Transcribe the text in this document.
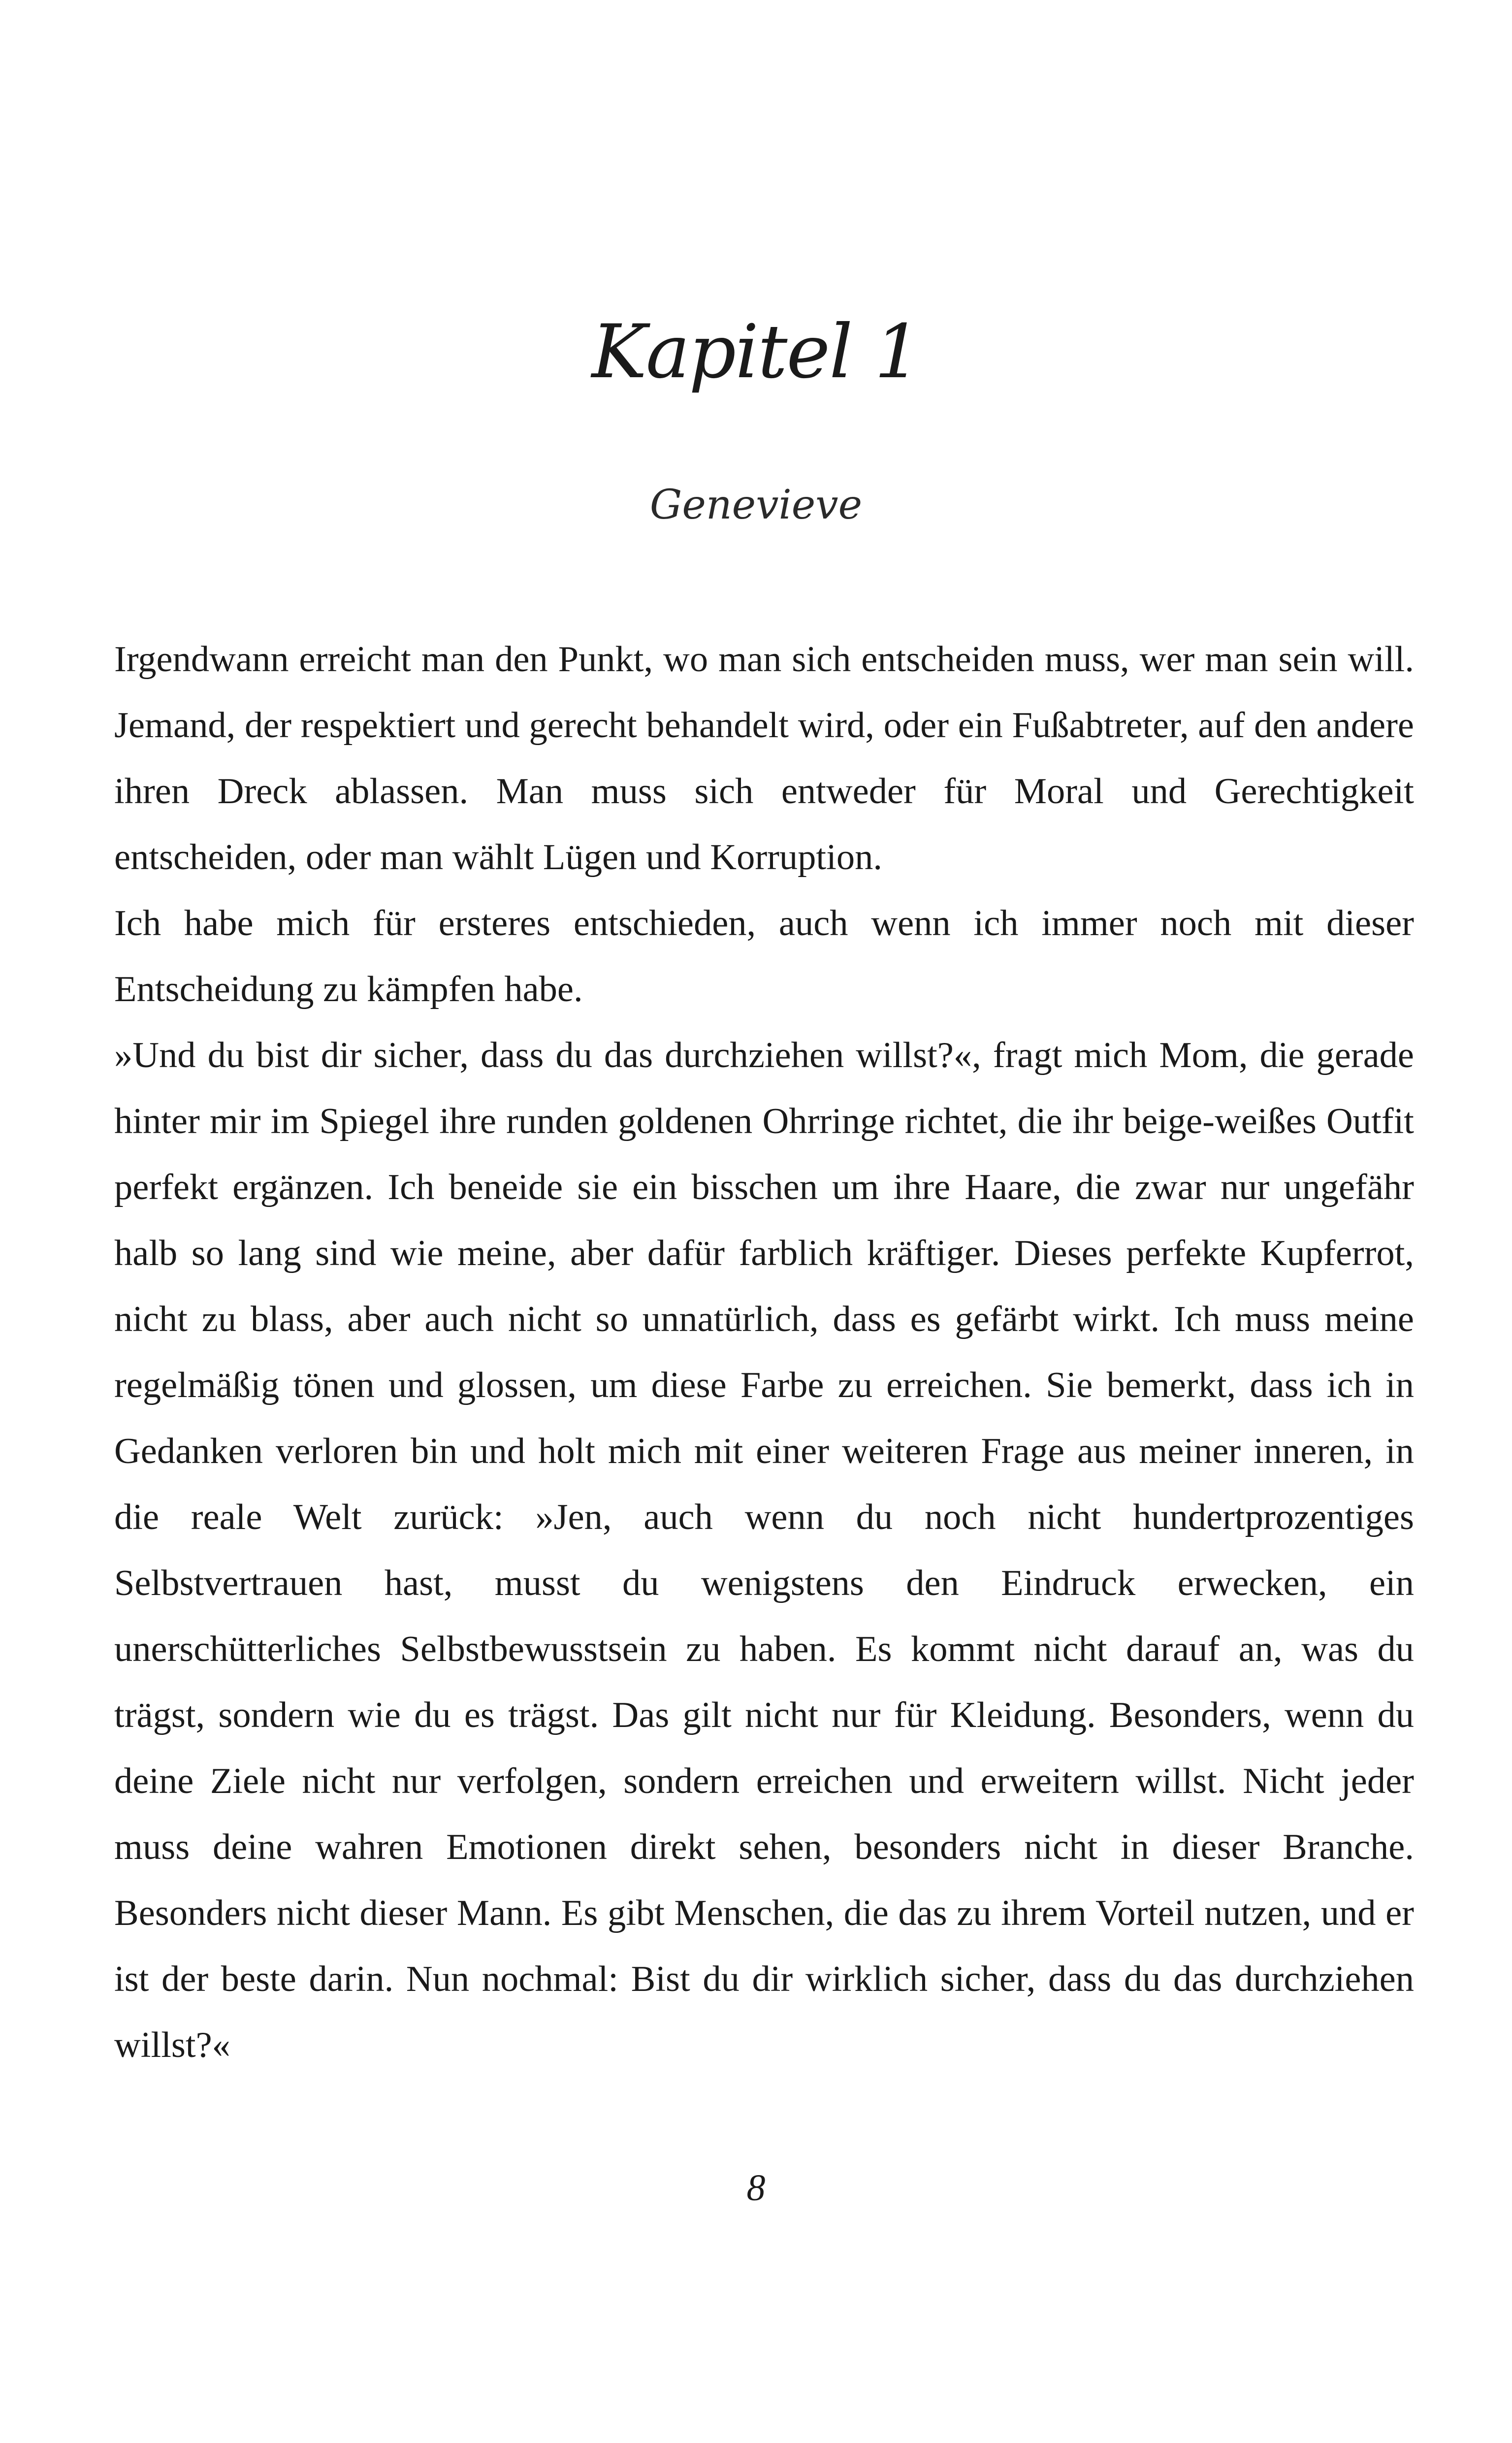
Kapitel 1
Genevieve

Irgendwann erreicht man den Punkt, wo man sich entscheiden muss, wer man sein will. Jemand, der respektiert und gerecht behandelt wird, oder ein Fußabtreter, auf den andere ihren Dreck ablassen. Man muss sich entweder für Moral und Gerechtigkeit entscheiden, oder man wählt Lügen und Korruption.

Ich habe mich für ersteres entschieden, auch wenn ich immer noch mit dieser Entscheidung zu kämpfen habe.

»Und du bist dir sicher, dass du das durchziehen willst?«, fragt mich Mom, die gerade hinter mir im Spiegel ihre runden goldenen Ohrringe richtet, die ihr beige-weißes Outfit perfekt ergänzen. Ich beneide sie ein bisschen um ihre Haare, die zwar nur ungefähr halb so lang sind wie meine, aber dafür farblich kräftiger. Dieses perfekte Kupferrot, nicht zu blass, aber auch nicht so unnatürlich, dass es gefärbt wirkt. Ich muss meine regelmäßig tönen und glossen, um diese Farbe zu erreichen. Sie bemerkt, dass ich in Gedanken verloren bin und holt mich mit einer weiteren Frage aus meiner inneren, in die reale Welt zurück: »Jen, auch wenn du noch nicht hundertprozentiges Selbstvertrauen hast, musst du wenigstens den Eindruck erwecken, ein unerschütterliches Selbstbewusstsein zu haben. Es kommt nicht darauf an, was du trägst, sondern wie du es trägst. Das gilt nicht nur für Kleidung. Besonders, wenn du deine Ziele nicht nur verfolgen, sondern erreichen und erweitern willst. Nicht jeder muss deine wahren Emotionen direkt sehen, besonders nicht in dieser Branche. Besonders nicht dieser Mann. Es gibt Menschen, die das zu ihrem Vorteil nutzen, und er ist der beste darin. Nun nochmal: Bist du dir wirklich sicher, dass du das durchziehen willst?«

8
